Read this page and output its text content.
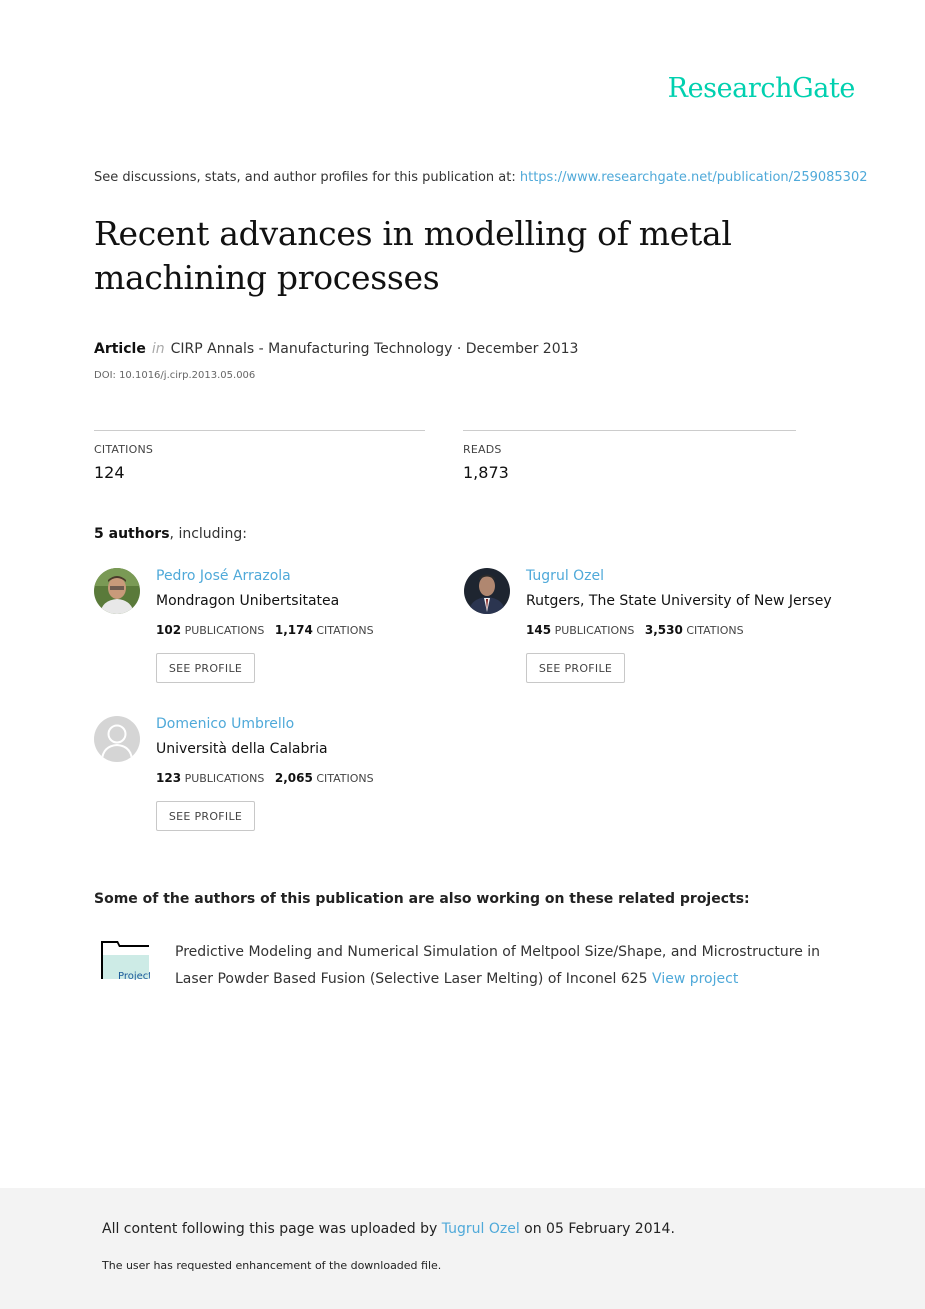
ResearchGate
See discussions, stats, and author profiles for this publication at: https://www.researchgate.net/publication/259085302
Recent advances in modelling of metal machining processes
Article in CIRP Annals - Manufacturing Technology · December 2013
DOI: 10.1016/j.cirp.2013.05.006
CITATIONS
124
READS
1,873
5 authors, including:
Pedro José Arrazola
Mondragon Unibertsitatea
102 PUBLICATIONS 1,174 CITATIONS
SEE PROFILE
Tugrul Ozel
Rutgers, The State University of New Jersey
145 PUBLICATIONS 3,530 CITATIONS
SEE PROFILE
Domenico Umbrello
Università della Calabria
123 PUBLICATIONS 2,065 CITATIONS
SEE PROFILE
Some of the authors of this publication are also working on these related projects:
Project
Predictive Modeling and Numerical Simulation of Meltpool Size/Shape, and Microstructure in Laser Powder Based Fusion (Selective Laser Melting) of Inconel 625 View project
All content following this page was uploaded by Tugrul Ozel on 05 February 2014.
The user has requested enhancement of the downloaded file.
